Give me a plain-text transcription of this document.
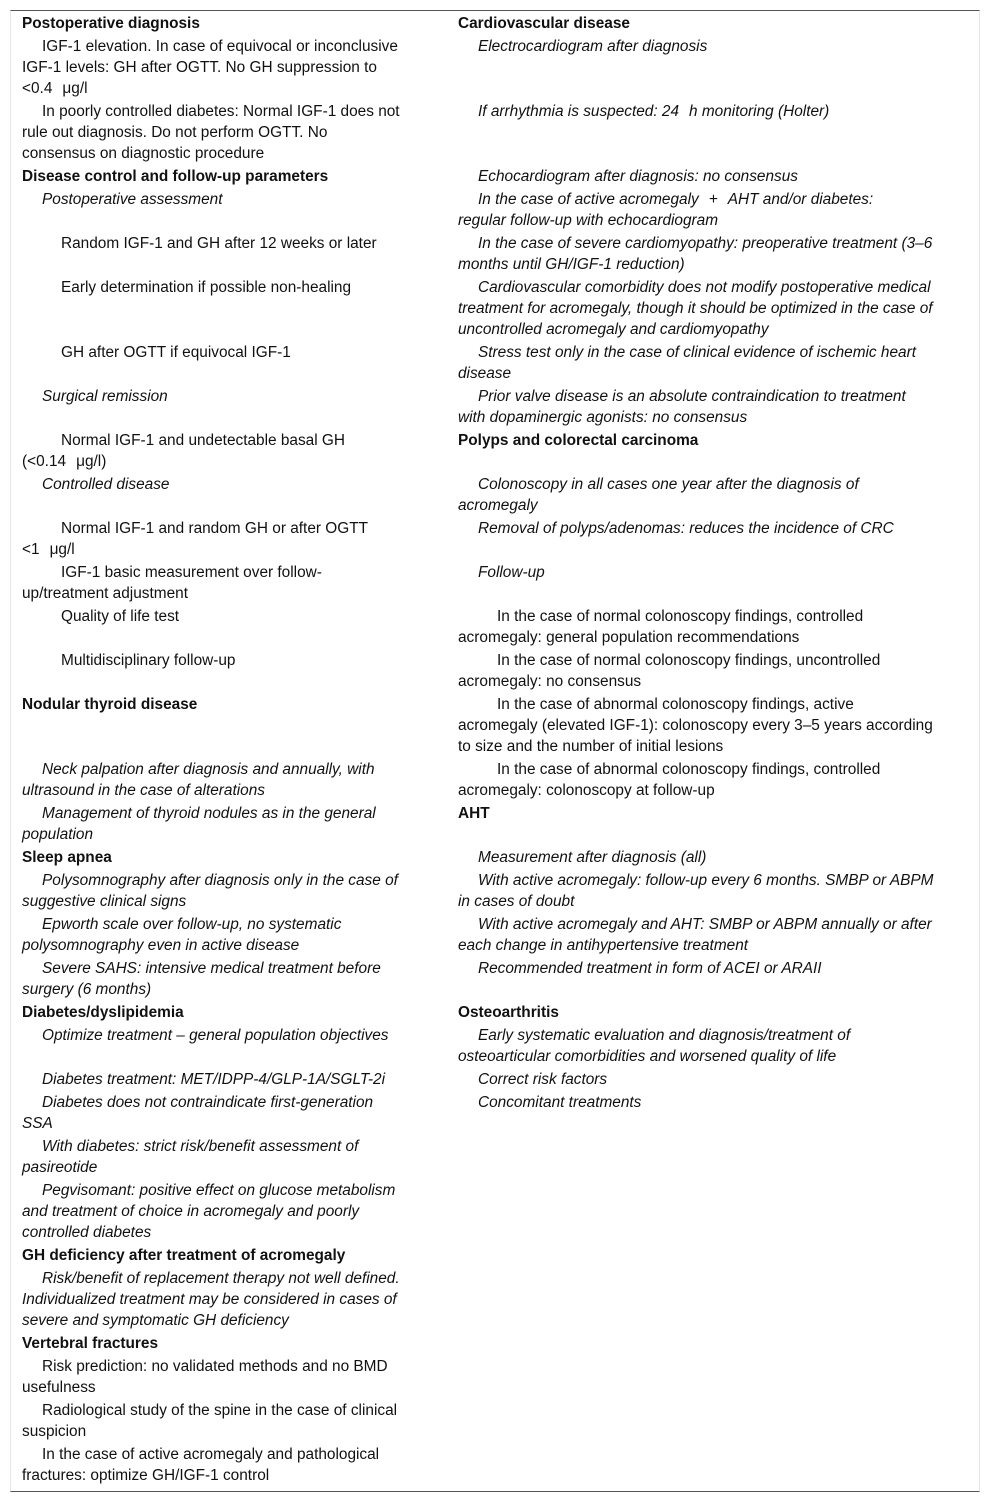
Postoperative diagnosis
IGF-1 elevation. In case of equivocal or inconclusive
IGF-1 levels: GH after OGTT. No GH suppression to
<0.4 μg/l
In poorly controlled diabetes: Normal IGF-1 does not
rule out diagnosis. Do not perform OGTT. No
consensus on diagnostic procedure
Disease control and follow-up parameters
Postoperative assessment
Random IGF-1 and GH after 12 weeks or later
Early determination if possible non-healing
GH after OGTT if equivocal IGF-1
Surgical remission
Normal IGF-1 and undetectable basal GH
(<0.14 μg/l)
Controlled disease
Normal IGF-1 and random GH or after OGTT
<1 μg/l
IGF-1 basic measurement over follow-
up/treatment adjustment
Quality of life test
Multidisciplinary follow-up
Nodular thyroid disease
Neck palpation after diagnosis and annually, with
ultrasound in the case of alterations
Management of thyroid nodules as in the general
population
Sleep apnea
Polysomnography after diagnosis only in the case of
suggestive clinical signs
Epworth scale over follow-up, no systematic
polysomnography even in active disease
Severe SAHS: intensive medical treatment before
surgery (6 months)
Diabetes/dyslipidemia
Optimize treatment – general population objectives
Diabetes treatment: MET/IDPP-4/GLP-1A/SGLT-2i
Diabetes does not contraindicate first-generation
SSA
With diabetes: strict risk/benefit assessment of
pasireotide
Pegvisomant: positive effect on glucose metabolism
and treatment of choice in acromegaly and poorly
controlled diabetes
GH deficiency after treatment of acromegaly
Risk/benefit of replacement therapy not well defined.
Individualized treatment may be considered in cases of
severe and symptomatic GH deficiency
Vertebral fractures
Risk prediction: no validated methods and no BMD
usefulness
Radiological study of the spine in the case of clinical
suspicion
In the case of active acromegaly and pathological
fractures: optimize GH/IGF-1 control
Cardiovascular disease
Electrocardiogram after diagnosis
If arrhythmia is suspected: 24 h monitoring (Holter)
Echocardiogram after diagnosis: no consensus
In the case of active acromegaly + AHT and/or diabetes:
regular follow-up with echocardiogram
In the case of severe cardiomyopathy: preoperative treatment (3–6
months until GH/IGF-1 reduction)
Cardiovascular comorbidity does not modify postoperative medical
treatment for acromegaly, though it should be optimized in the case of
uncontrolled acromegaly and cardiomyopathy
Stress test only in the case of clinical evidence of ischemic heart
disease
Prior valve disease is an absolute contraindication to treatment
with dopaminergic agonists: no consensus
Polyps and colorectal carcinoma
Colonoscopy in all cases one year after the diagnosis of
acromegaly
Removal of polyps/adenomas: reduces the incidence of CRC
Follow-up
In the case of normal colonoscopy findings, controlled
acromegaly: general population recommendations
In the case of normal colonoscopy findings, uncontrolled
acromegaly: no consensus
In the case of abnormal colonoscopy findings, active
acromegaly (elevated IGF-1): colonoscopy every 3–5 years according
to size and the number of initial lesions
In the case of abnormal colonoscopy findings, controlled
acromegaly: colonoscopy at follow-up
AHT
Measurement after diagnosis (all)
With active acromegaly: follow-up every 6 months. SMBP or ABPM
in cases of doubt
With active acromegaly and AHT: SMBP or ABPM annually or after
each change in antihypertensive treatment
Recommended treatment in form of ACEI or ARAII
Osteoarthritis
Early systematic evaluation and diagnosis/treatment of
osteoarticular comorbidities and worsened quality of life
Correct risk factors
Concomitant treatments
